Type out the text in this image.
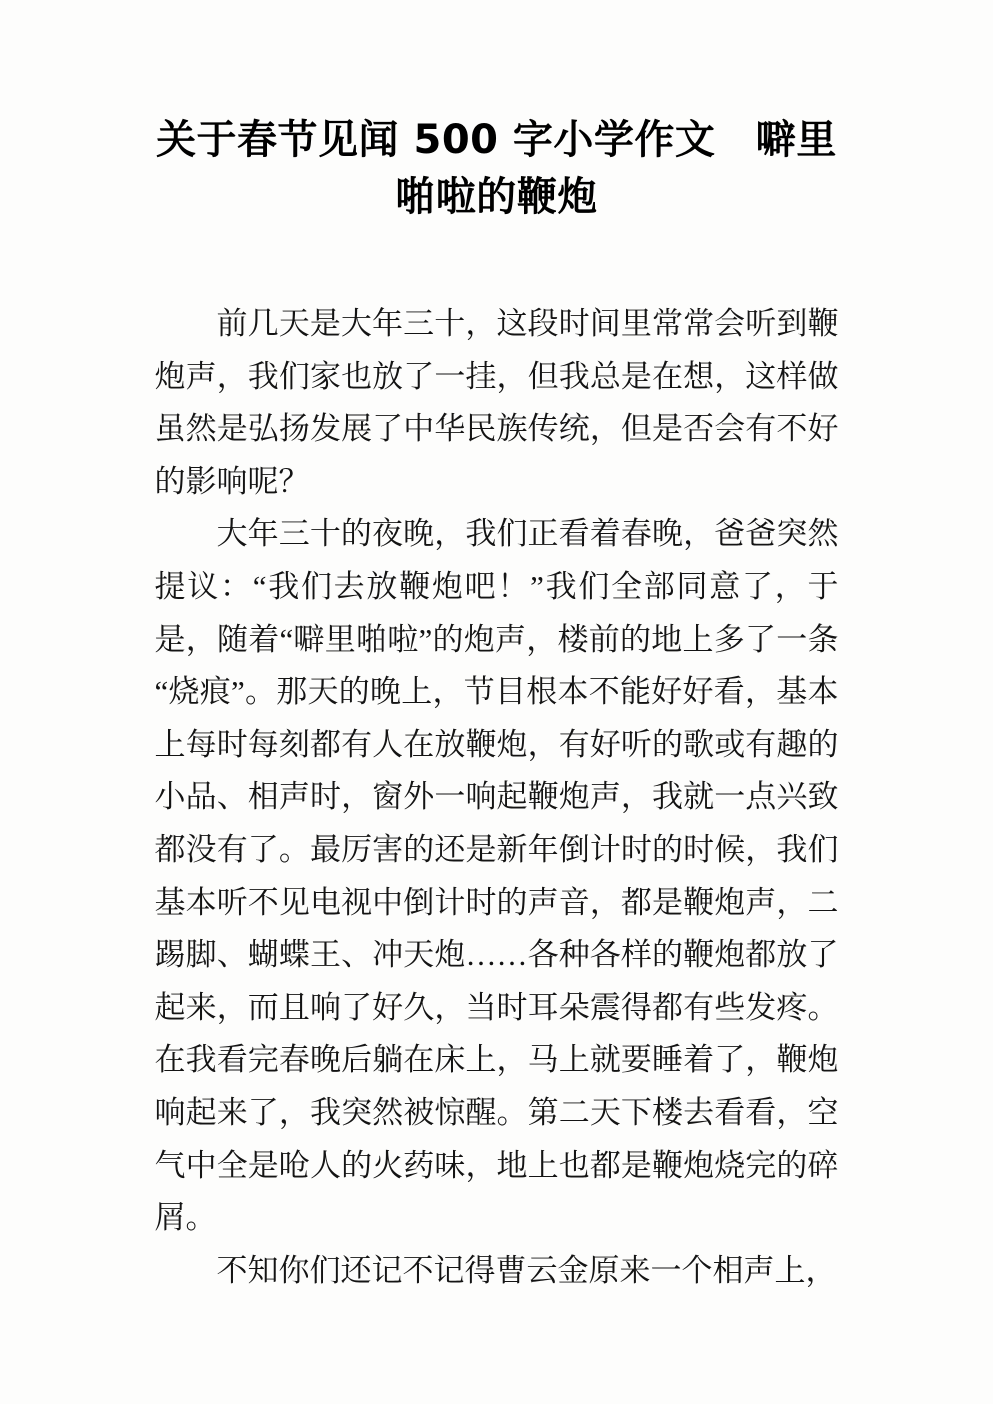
关于春节见闻 500 字小学作文　噼里啪啦的鞭炮

前几天是大年三十，这段时间里常常会听到鞭炮声，我们家也放了一挂，但我总是在想，这样做虽然是弘扬发展了中华民族传统，但是否会有不好的影响呢？

大年三十的夜晚，我们正看着春晚，爸爸突然提议：“我们去放鞭炮吧！”我们全部同意了，于是，随着“噼里啪啦”的炮声，楼前的地上多了一条“烧痕”。那天的晚上，节目根本不能好好看，基本上每时每刻都有人在放鞭炮，有好听的歌或有趣的小品、相声时，窗外一响起鞭炮声，我就一点兴致都没有了。最厉害的还是新年倒计时的时候，我们基本听不见电视中倒计时的声音，都是鞭炮声，二踢脚、蝴蝶王、冲天炮……各种各样的鞭炮都放了起来，而且响了好久，当时耳朵震得都有些发疼。在我看完春晚后躺在床上，马上就要睡着了，鞭炮响起来了，我突然被惊醒。第二天下楼去看看，空气中全是呛人的火药味，地上也都是鞭炮烧完的碎屑。

不知你们还记不记得曹云金原来一个相声上，
